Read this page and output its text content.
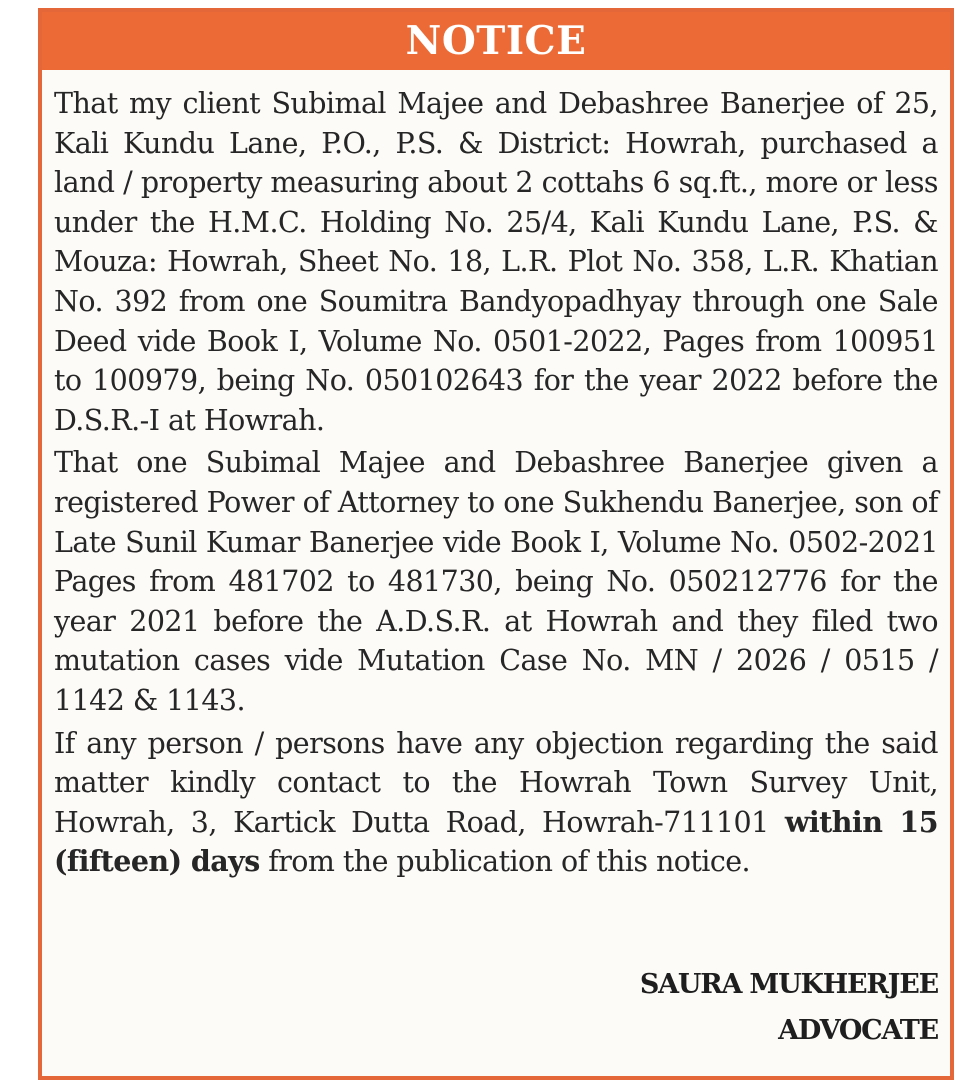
NOTICE

That my client Subimal Majee and Debashree Banerjee of 25, Kali Kundu Lane, P.O., P.S. & District: Howrah, purchased a land / property measuring about 2 cottahs 6 sq.ft., more or less under the H.M.C. Holding No. 25/4, Kali Kundu Lane, P.S. & Mouza: Howrah, Sheet No. 18, L.R. Plot No. 358, L.R. Khatian No. 392 from one Soumitra Bandyopadhyay through one Sale Deed vide Book I, Volume No. 0501-2022, Pages from 100951 to 100979, being No. 050102643 for the year 2022 before the D.S.R.-I at Howrah.

That one Subimal Majee and Debashree Banerjee given a registered Power of Attorney to one Sukhendu Banerjee, son of Late Sunil Kumar Banerjee vide Book I, Volume No. 0502-2021 Pages from 481702 to 481730, being No. 050212776 for the year 2021 before the A.D.S.R. at Howrah and they filed two mutation cases vide Mutation Case No. MN / 2026 / 0515 / 1142 & 1143.

If any person / persons have any objection regarding the said matter kindly contact to the Howrah Town Survey Unit, Howrah, 3, Kartick Dutta Road, Howrah-711101 within 15 (fifteen) days from the publication of this notice.

SAURA MUKHERJEE
ADVOCATE
